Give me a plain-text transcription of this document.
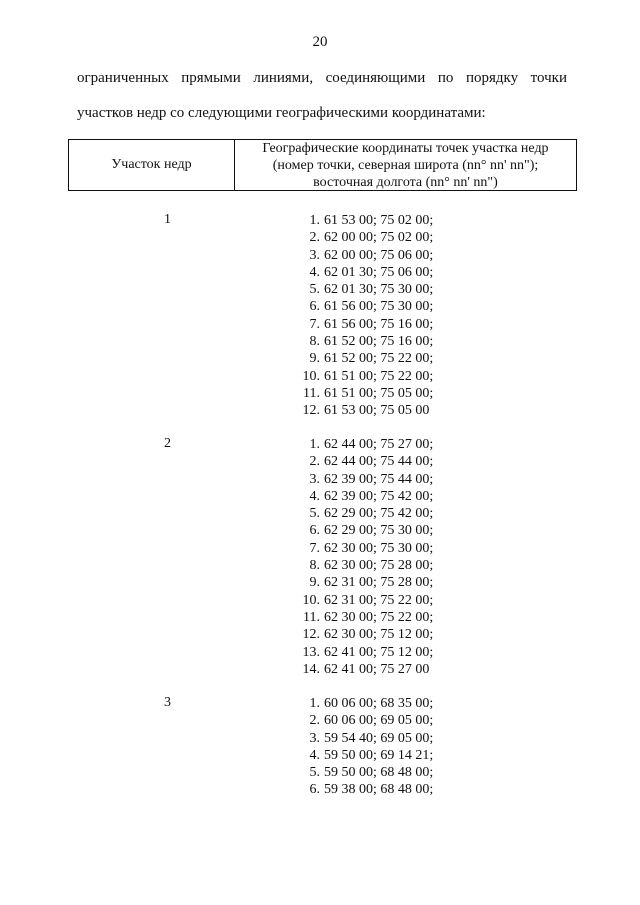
20
ограниченных прямыми линиями, соединяющими по порядку точки
участков недр со следующими географическими координатами:
Участок недр
Географические координаты точек участка недр
(номер точки, северная широта (nn° nn' nn");
восточная долгота (nn° nn' nn")
1	1. 61 53 00; 75 02 00;
2. 62 00 00; 75 02 00;
3. 62 00 00; 75 06 00;
4. 62 01 30; 75 06 00;
5. 62 01 30; 75 30 00;
6. 61 56 00; 75 30 00;
7. 61 56 00; 75 16 00;
8. 61 52 00; 75 16 00;
9. 61 52 00; 75 22 00;
10. 61 51 00; 75 22 00;
11. 61 51 00; 75 05 00;
12. 61 53 00; 75 05 00
2	1. 62 44 00; 75 27 00;
2. 62 44 00; 75 44 00;
3. 62 39 00; 75 44 00;
4. 62 39 00; 75 42 00;
5. 62 29 00; 75 42 00;
6. 62 29 00; 75 30 00;
7. 62 30 00; 75 30 00;
8. 62 30 00; 75 28 00;
9. 62 31 00; 75 28 00;
10. 62 31 00; 75 22 00;
11. 62 30 00; 75 22 00;
12. 62 30 00; 75 12 00;
13. 62 41 00; 75 12 00;
14. 62 41 00; 75 27 00
3	1. 60 06 00; 68 35 00;
2. 60 06 00; 69 05 00;
3. 59 54 40; 69 05 00;
4. 59 50 00; 69 14 21;
5. 59 50 00; 68 48 00;
6. 59 38 00; 68 48 00;
